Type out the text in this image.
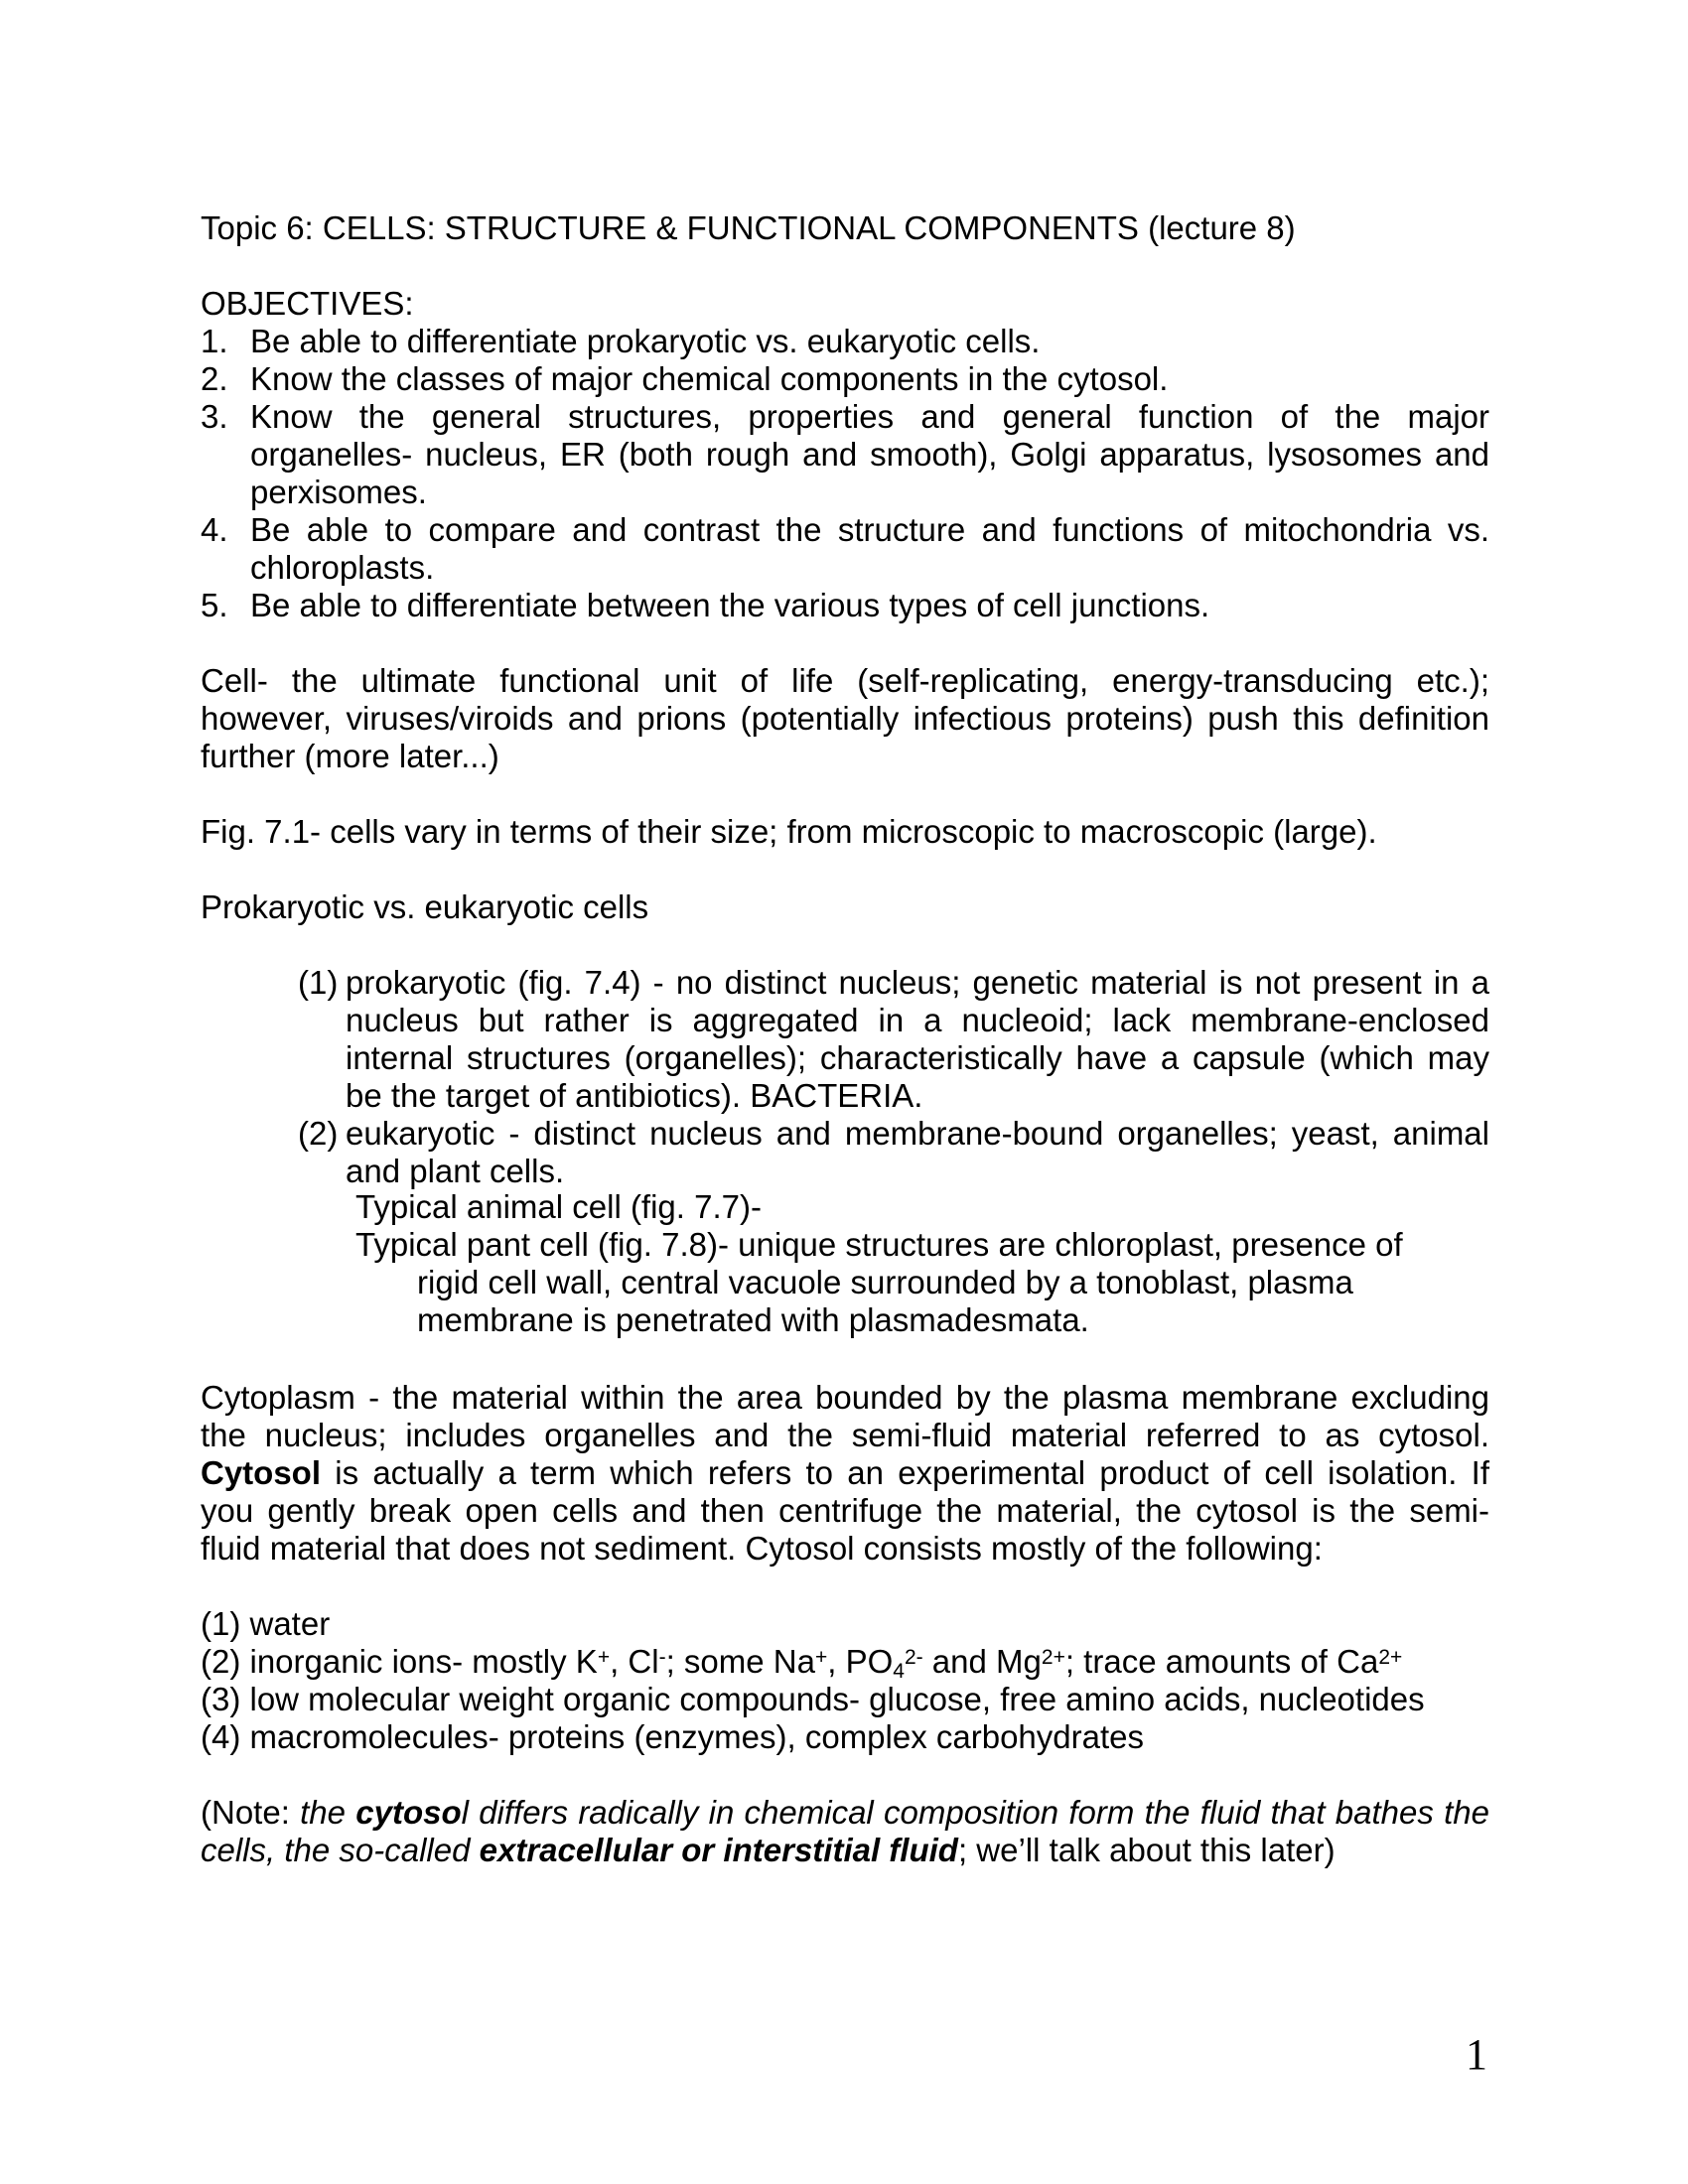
Topic 6: CELLS: STRUCTURE & FUNCTIONAL COMPONENTS (lecture 8)
OBJECTIVES:
1. Be able to differentiate prokaryotic vs. eukaryotic cells.
2. Know the classes of major chemical components in the cytosol.
3. Know the general structures, properties and general function of the major
organelles- nucleus, ER (both rough and smooth), Golgi apparatus, lysosomes and
perxisomes.
4. Be able to compare and contrast the structure and functions of mitochondria vs.
chloroplasts.
5. Be able to differentiate between the various types of cell junctions.
Cell- the ultimate functional unit of life (self-replicating, energy-transducing etc.);
however, viruses/viroids and prions (potentially infectious proteins) push this definition
further (more later...)
Fig. 7.1- cells vary in terms of their size; from microscopic to macroscopic (large).
Prokaryotic vs. eukaryotic cells
(1) prokaryotic (fig. 7.4) - no distinct nucleus; genetic material is not present in a
nucleus but rather is aggregated in a nucleoid; lack membrane-enclosed
internal structures (organelles); characteristically have a capsule (which may
be the target of antibiotics). BACTERIA.
(2) eukaryotic - distinct nucleus and membrane-bound organelles; yeast, animal
and plant cells.
Typical animal cell (fig. 7.7)-
Typical pant cell (fig. 7.8)- unique structures are chloroplast, presence of
rigid cell wall, central vacuole surrounded by a tonoblast, plasma
membrane is penetrated with plasmadesmata.
Cytoplasm - the material within the area bounded by the plasma membrane excluding
the nucleus; includes organelles and the semi-fluid material referred to as cytosol.
Cytosol is actually a term which refers to an experimental product of cell isolation. If
you gently break open cells and then centrifuge the material, the cytosol is the semi-
fluid material that does not sediment. Cytosol consists mostly of the following:
(1) water
(2) inorganic ions- mostly K+, Cl-; some Na+, $PO4^{2-}$ and $Mg^{2+}$; trace amounts of $Ca^{2+}$
(3) low molecular weight organic compounds- glucose, free amino acids, nucleotides
(4) macromolecules- proteins (enzymes), complex carbohydrates
(Note: the cytosol differs radically in chemical composition form the fluid that bathes the
cells, the so-called extracellular or interstitial fluid; we’ll talk about this later)
1
